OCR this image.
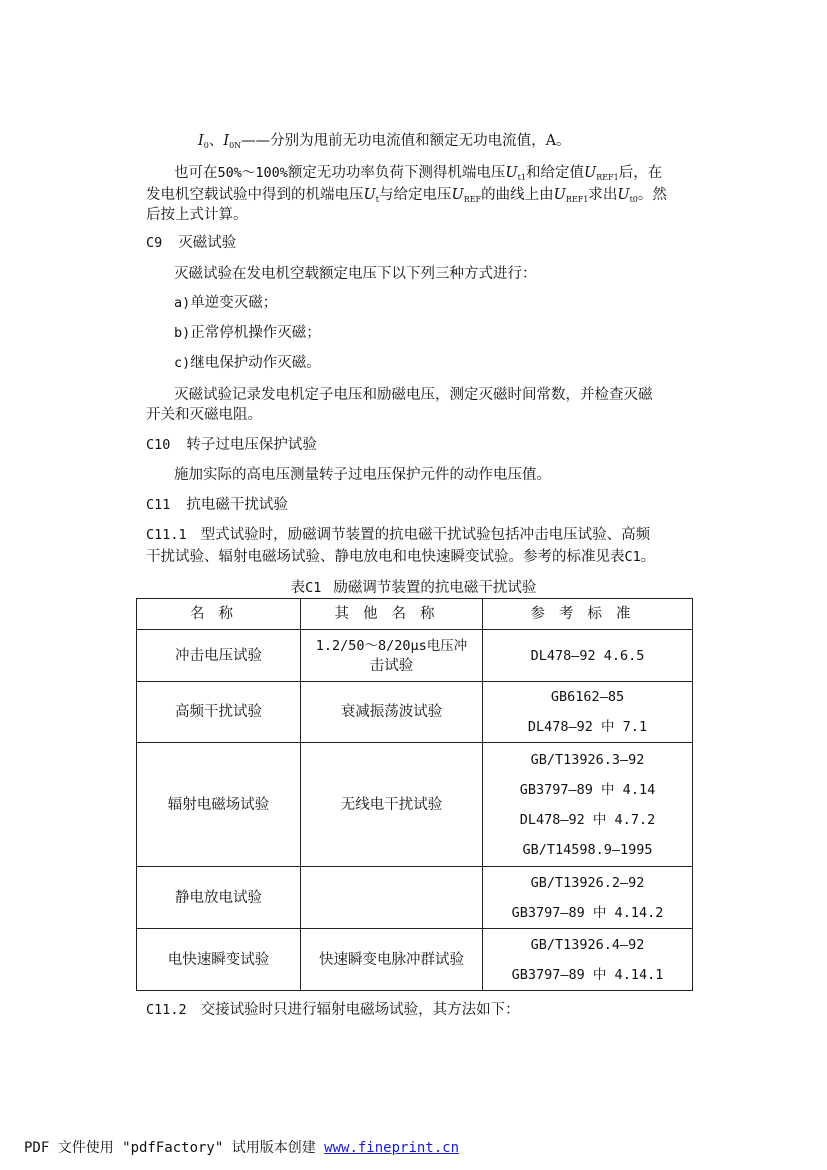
$I_0$、$I_{0N}——$分别为甩前无功电流值和额定无功电流值，A。
也可在50%～100%额定无功功率负荷下测得机端电压$U_{t1}$和给定值$U_{REF1}$后，在
发电机空载试验中得到的机端电压$U_t$与给定电压$U_{REF}$的曲线上由$U_{REF1}$求出$U_{t0}$。然
后按上式计算。
C9 灭磁试验
灭磁试验在发电机空载额定电压下以下列三种方式进行：
a)单逆变灭磁；
b)正常停机操作灭磁；
c)继电保护动作灭磁。
灭磁试验记录发电机定子电压和励磁电压，测定灭磁时间常数，并检查灭磁
开关和灭磁电阻。
C10 转子过电压保护试验
施加实际的高电压测量转子过电压保护元件的动作电压值。
C11 抗电磁干扰试验
C11.1 型式试验时，励磁调节装置的抗电磁干扰试验包括冲击电压试验、高频
干扰试验、辐射电磁场试验、静电放电和电快速瞬变试验。参考的标准见表C1。
表C1 励磁调节装置的抗电磁干扰试验
名称	其他名称	参考标准
冲击电压试验	1.2/50～8/20μs电压冲
击试验	DL478—92 4.6.5

高频干扰试验	衰减振荡波试验	GB6162—85
DL478—92 中 7.1

辐射电磁场试验	无线电干扰试验	GB/T13926.3—92
GB3797—89 中 4.14
DL478—92 中 4.7.2
GB/T14598.9—1995

静电放电试验		GB/T13926.2—92
GB3797—89 中 4.14.2

电快速瞬变试验	快速瞬变电脉冲群试验	GB/T13926.4—92
GB3797—89 中 4.14.1
C11.2 交接试验时只进行辐射电磁场试验，其方法如下：
PDF 文件使用 "pdfFactory" 试用版本创建 www.fineprint.cn
